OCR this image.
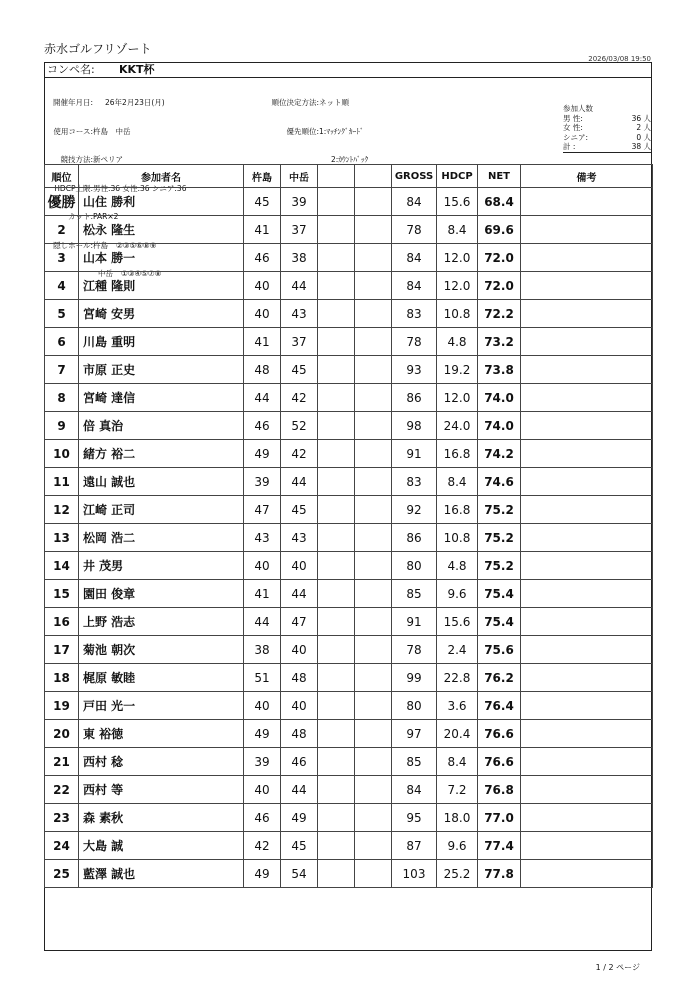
赤水ゴルフリゾート
2026/03/08 19:50
コンペ名: KKT杯

開催年月日: 26年2月23日(月)

使用コース:杵島　中岳

競技方法:新ペリア

HDCP上限:男性:36 女性:36 シニア:36

カット:PAR×2

隠しホール:杵島 ②③⑤⑥⑧⑨

中岳 ①③④⑤⑦⑧

順位決定方法:ネット順

優先順位:1:ﾏｯﾁﾝｸﾞｶｰﾄﾞ

2:ｶｳﾝﾄﾊﾞｯｸ

参加人数
男 性:	36 人
女 性:	2 人
シニア:	0 人
計 :	38 人
順位	参加者名	杵島	中岳			GROSS	HDCP	NET	備考
優勝	山住 勝利	45	39			84	15.6	68.4	
2	松永 隆生	41	37			78	8.4	69.6	
3	山本 勝一	46	38			84	12.0	72.0	
4	江種 隆則	40	44			84	12.0	72.0	
5	宮崎 安男	40	43			83	10.8	72.2	
6	川島 重明	41	37			78	4.8	73.2	
7	市原 正史	48	45			93	19.2	73.8	
8	宮崎 達信	44	42			86	12.0	74.0	
9	倍 真治	46	52			98	24.0	74.0	
10	緒方 裕二	49	42			91	16.8	74.2	
11	遠山 誠也	39	44			83	8.4	74.6	
12	江崎 正司	47	45			92	16.8	75.2	
13	松岡 浩二	43	43			86	10.8	75.2	
14	井 茂男	40	40			80	4.8	75.2	
15	園田 俊章	41	44			85	9.6	75.4	
16	上野 浩志	44	47			91	15.6	75.4	
17	菊池 朝次	38	40			78	2.4	75.6	
18	梶原 敏睦	51	48			99	22.8	76.2	
19	戸田 光一	40	40			80	3.6	76.4	
20	東 裕徳	49	48			97	20.4	76.6	
21	西村 稔	39	46			85	8.4	76.6	
22	西村 等	40	44			84	7.2	76.8	
23	森 素秋	46	49			95	18.0	77.0	
24	大島 誠	42	45			87	9.6	77.4	
25	藍澤 誠也	49	54			103	25.2	77.8	
1 / 2 ページ
